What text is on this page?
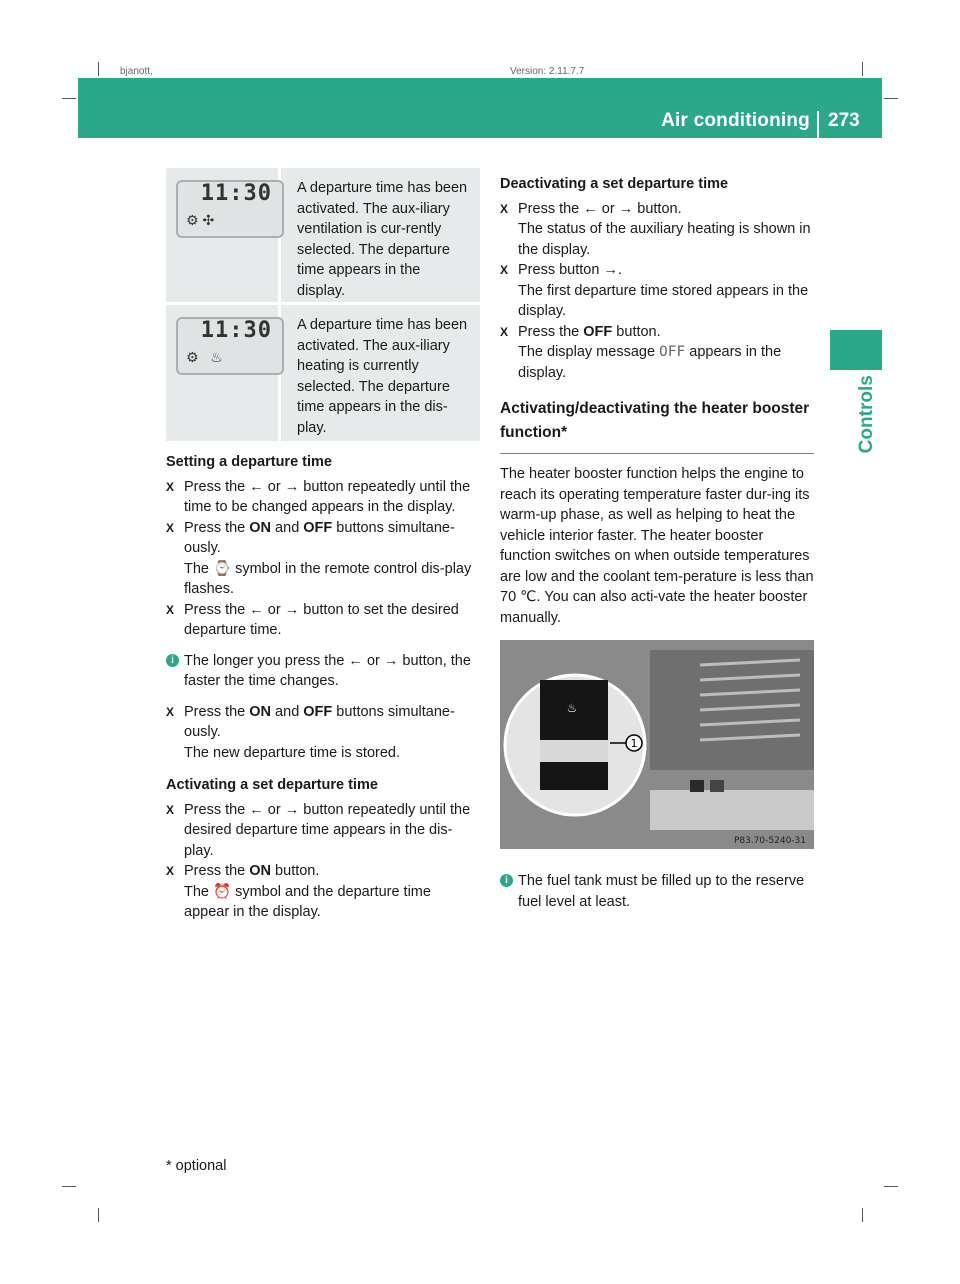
bjanott,	Version: 2.11.7.7
Air conditioning 273
Controls
11:30
⚙ ✣
A departure time has been activated. The aux-iliary ventilation is cur-rently selected. The departure time appears in the display.
11:30
⚙   ♨
A departure time has been activated. The aux-iliary heating is currently selected. The departure time appears in the dis-play.
Setting a departure time
X Press the ← or → button repeatedly until the time to be changed appears in the display.
X Press the ON and OFF buttons simultane-ously.
The ⌚ symbol in the remote control dis-play flashes.
X Press the ← or → button to set the desired departure time.
i The longer you press the ← or → button, the faster the time changes.
X Press the ON and OFF buttons simultane-ously.
The new departure time is stored.
Activating a set departure time
X Press the ← or → button repeatedly until the desired departure time appears in the dis-play.
X Press the ON button.
The ⏰ symbol and the departure time appear in the display.
Deactivating a set departure time
X Press the ← or → button.
The status of the auxiliary heating is shown in the display.
X Press button →.
The first departure time stored appears in the display.
X Press the OFF button.
The display message OFF appears in the display.
Activating/deactivating the heater booster function*

The heater booster function helps the engine to reach its operating temperature faster dur-ing its warm-up phase, as well as helping to heat the vehicle interior faster. The heater booster function switches on when outside temperatures are low and the coolant tem-perature is less than 70 ℃. You can also acti-vate the heater booster manually.

♨
1
P83.70-5240-31
i The fuel tank must be filled up to the reserve fuel level at least.
* optional
